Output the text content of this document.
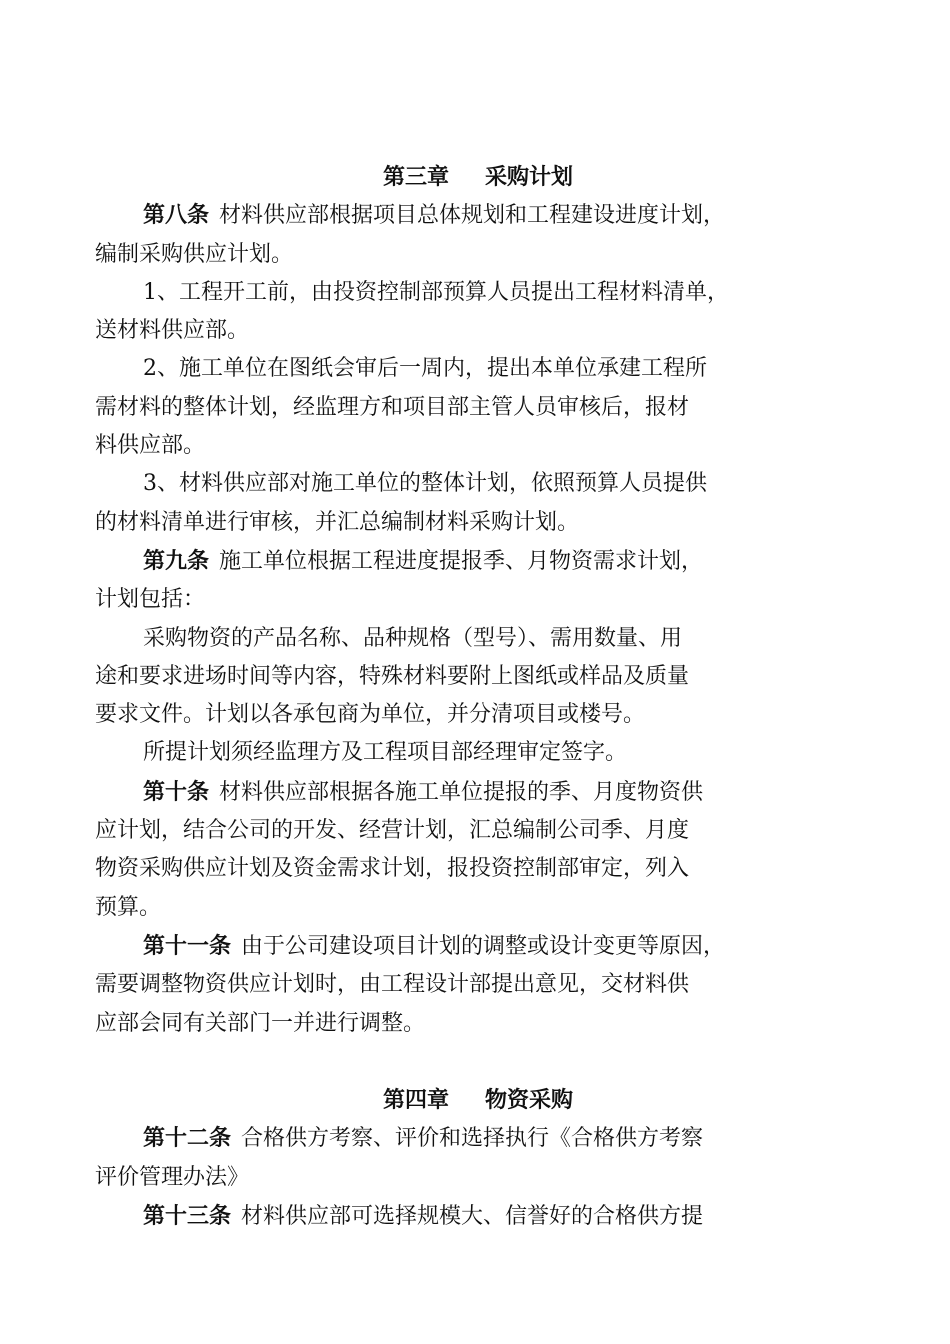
第三章 采购计划

第八条 材料供应部根据项目总体规划和工程建设进度计划，
编制采购供应计划。

1、工程开工前，由投资控制部预算人员提出工程材料清单，
送材料供应部。

2、施工单位在图纸会审后一周内，提出本单位承建工程所
需材料的整体计划，经监理方和项目部主管人员审核后，报材
料供应部。

3、材料供应部对施工单位的整体计划，依照预算人员提供
的材料清单进行审核，并汇总编制材料采购计划。

第九条 施工单位根据工程进度提报季、月物资需求计划，
计划包括：

采购物资的产品名称、品种规格（型号）、需用数量、用
途和要求进场时间等内容，特殊材料要附上图纸或样品及质量
要求文件。计划以各承包商为单位，并分清项目或楼号。

所提计划须经监理方及工程项目部经理审定签字。

第十条 材料供应部根据各施工单位提报的季、月度物资供
应计划，结合公司的开发、经营计划，汇总编制公司季、月度
物资采购供应计划及资金需求计划，报投资控制部审定，列入
预算。

第十一条 由于公司建设项目计划的调整或设计变更等原因，
需要调整物资供应计划时，由工程设计部提出意见，交材料供
应部会同有关部门一并进行调整。

第四章 物资采购

第十二条 合格供方考察、评价和选择执行《合格供方考察
评价管理办法》

第十三条 材料供应部可选择规模大、信誉好的合格供方提
